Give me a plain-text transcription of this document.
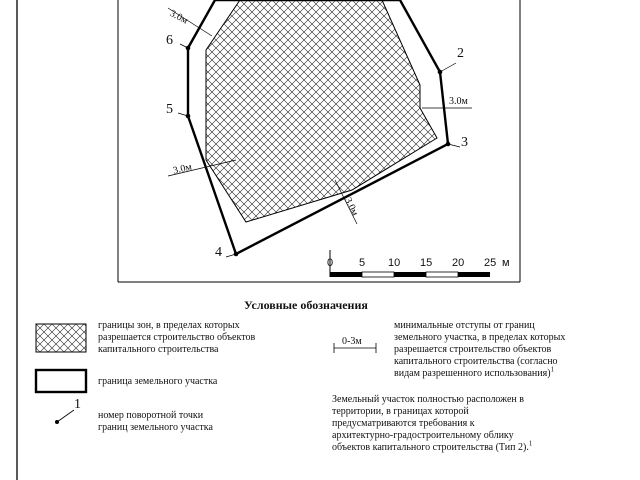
3.0м
3.0м
3.0м
3.0м
2
3
4
5
6
0 5 10 15 20 25 м
Условные обозначения
границы зон, в пределах которых
разрешается строительство объектов
капитального строительства
граница земельного участка
1
номер поворотной точки
границ земельного участка
0-3м
минимальные отступы от границ
земельного участка, в пределах которых
разрешается строительство объектов
капитального строительства (согласно
видам разрешенного использования)$^1$
Земельный участок полностью расположен в
территории, в границах которой
предусматриваются требования к
архитектурно-градостроительному облику
объектов капитального строительства (Тип 2).$^1$
